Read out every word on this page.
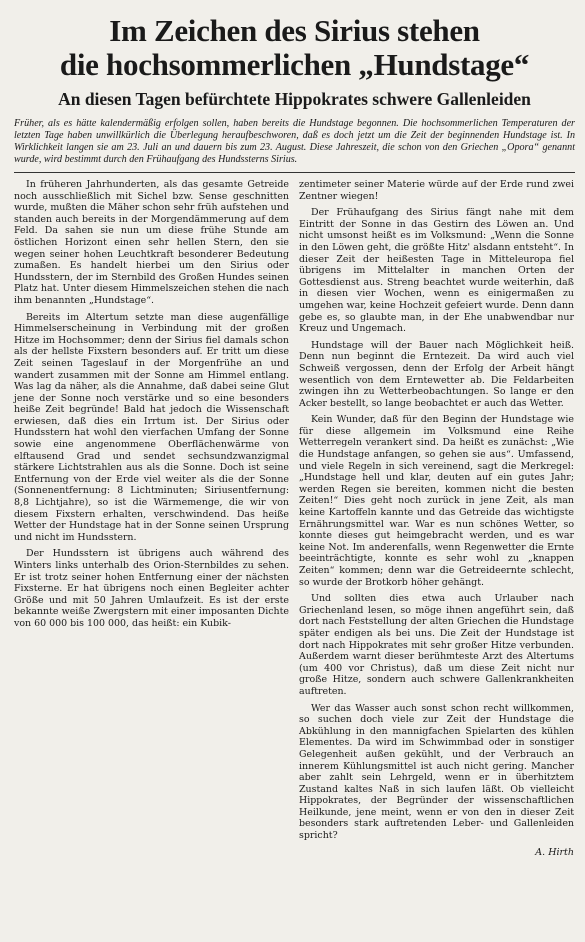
Im Zeichen des Sirius stehen
die hochsommerlichen „Hundstage“
An diesen Tagen befürchtete Hippokrates schwere Gallenleiden

Früher, als es hätte kalendermäßig erfolgen sollen, haben bereits die Hundstage begonnen. Die hochsommerlichen Temperaturen der letzten Tage haben unwillkürlich die Überlegung heraufbeschworen, daß es doch jetzt um die Zeit der beginnenden Hundstage ist. In Wirklichkeit langen sie am 23. Juli an und dauern bis zum 23. August. Diese Jahreszeit, die schon von den Griechen „Opora“ genannt wurde, wird bestimmt durch den Frühaufgang des Hundssterns Sirius.

In früheren Jahrhunderten, als das gesamte Getreide noch ausschließlich mit Sichel bzw. Sense geschnitten wurde, mußten die Mäher schon sehr früh aufstehen und standen auch bereits in der Morgendämmerung auf dem Feld. Da sahen sie nun um diese frühe Stunde am östlichen Horizont einen sehr hellen Stern, den sie wegen seiner hohen Leuchtkraft besonderer Bedeutung zumaßen. Es handelt hierbei um den Sirius oder Hundsstern, der im Sternbild des Großen Hundes seinen Platz hat. Unter diesem Himmelszeichen stehen die nach ihm benannten „Hundstage“.

Bereits im Altertum setzte man diese augenfällige Himmelserscheinung in Verbindung mit der großen Hitze im Hochsommer; denn der Sirius fiel damals schon als der hellste Fixstern besonders auf. Er tritt um diese Zeit seinen Tageslauf in der Morgenfrühe an und wandert zusammen mit der Sonne am Himmel entlang. Was lag da näher, als die Annahme, daß dabei seine Glut jene der Sonne noch verstärke und so eine besonders heiße Zeit begründe! Bald hat jedoch die Wissenschaft erwiesen, daß dies ein Irrtum ist. Der Sirius oder Hundsstern hat wohl den vierfachen Umfang der Sonne sowie eine angenommene Oberflächenwärme von elftausend Grad und sendet sechsundzwanzigmal stärkere Lichtstrahlen aus als die Sonne. Doch ist seine Entfernung von der Erde viel weiter als die der Sonne (Sonnenentfernung: 8 Lichtminuten; Siriusentfernung: 8,8 Lichtjahre), so ist die Wärmemenge, die wir von diesem Fixstern erhalten, verschwindend. Das heiße Wetter der Hundstage hat in der Sonne seinen Ursprung und nicht im Hundsstern.

Der Hundsstern ist übrigens auch während des Winters links unterhalb des Orion-Sternbildes zu sehen. Er ist trotz seiner hohen Entfernung einer der nächsten Fixsterne. Er hat übrigens noch einen Begleiter achter Größe und mit 50 Jahren Umlaufzeit. Es ist der erste bekannte weiße Zwergstern mit einer imposanten Dichte von 60 000 bis 100 000, das heißt: ein Kubik-

zentimeter seiner Materie würde auf der Erde rund zwei Zentner wiegen!

Der Frühaufgang des Sirius fängt nahe mit dem Eintritt der Sonne in das Gestirn des Löwen an. Und nicht umsonst heißt es im Volksmund: „Wenn die Sonne in den Löwen geht, die größte Hitz' alsdann entsteht“. In dieser Zeit der heißesten Tage in Mitteleuropa fiel übrigens im Mittelalter in manchen Orten der Gottesdienst aus. Streng beachtet wurde weiterhin, daß in diesen vier Wochen, wenn es einigermaßen zu umgehen war, keine Hochzeit gefeiert wurde. Denn dann gebe es, so glaubte man, in der Ehe unabwendbar nur Kreuz und Ungemach.

Hundstage will der Bauer nach Möglichkeit heiß. Denn nun beginnt die Erntezeit. Da wird auch viel Schweiß vergossen, denn der Erfolg der Arbeit hängt wesentlich von dem Erntewetter ab. Die Feldarbeiten zwingen ihn zu Wetterbeobachtungen. So lange er den Acker bestellt, so lange beobachtet er auch das Wetter.

Kein Wunder, daß für den Beginn der Hundstage wie für diese allgemein im Volksmund eine Reihe Wetterregeln verankert sind. Da heißt es zunächst: „Wie die Hundstage anfangen, so gehen sie aus“. Umfassend, und viele Regeln in sich vereinend, sagt die Merkregel: „Hundstage hell und klar, deuten auf ein gutes Jahr; werden Regen sie bereiten, kommen nicht die besten Zeiten!“ Dies geht noch zurück in jene Zeit, als man keine Kartoffeln kannte und das Getreide das wichtigste Ernährungsmittel war. War es nun schönes Wetter, so konnte dieses gut heimgebracht werden, und es war keine Not. Im anderenfalls, wenn Regenwetter die Ernte beeinträchtigte, konnte es sehr wohl zu „knappen Zeiten“ kommen; denn war die Getreideernte schlecht, so wurde der Brotkorb höher gehängt.

Und sollten dies etwa auch Urlauber nach Griechenland lesen, so möge ihnen angeführt sein, daß dort nach Feststellung der alten Griechen die Hundstage später endigen als bei uns. Die Zeit der Hundstage ist dort nach Hippokrates mit sehr großer Hitze verbunden. Außerdem warnt dieser berühmteste Arzt des Altertums (um 400 vor Christus), daß um diese Zeit nicht nur große Hitze, sondern auch schwere Gallenkrankheiten auftreten.

Wer das Wasser auch sonst schon recht willkommen, so suchen doch viele zur Zeit der Hundstage die Abkühlung in den mannigfachen Spielarten des kühlen Elementes. Da wird im Schwimmbad oder in sonstiger Gelegenheit außen gekühlt, und der Verbrauch an innerem Kühlungsmittel ist auch nicht gering. Mancher aber zahlt sein Lehrgeld, wenn er in überhitztem Zustand kaltes Naß in sich laufen läßt. Ob vielleicht Hippokrates, der Begründer der wissenschaftlichen Heilkunde, jene meint, wenn er von den in dieser Zeit besonders stark auftretenden Leber- und Gallenleiden spricht?

A. Hirth
